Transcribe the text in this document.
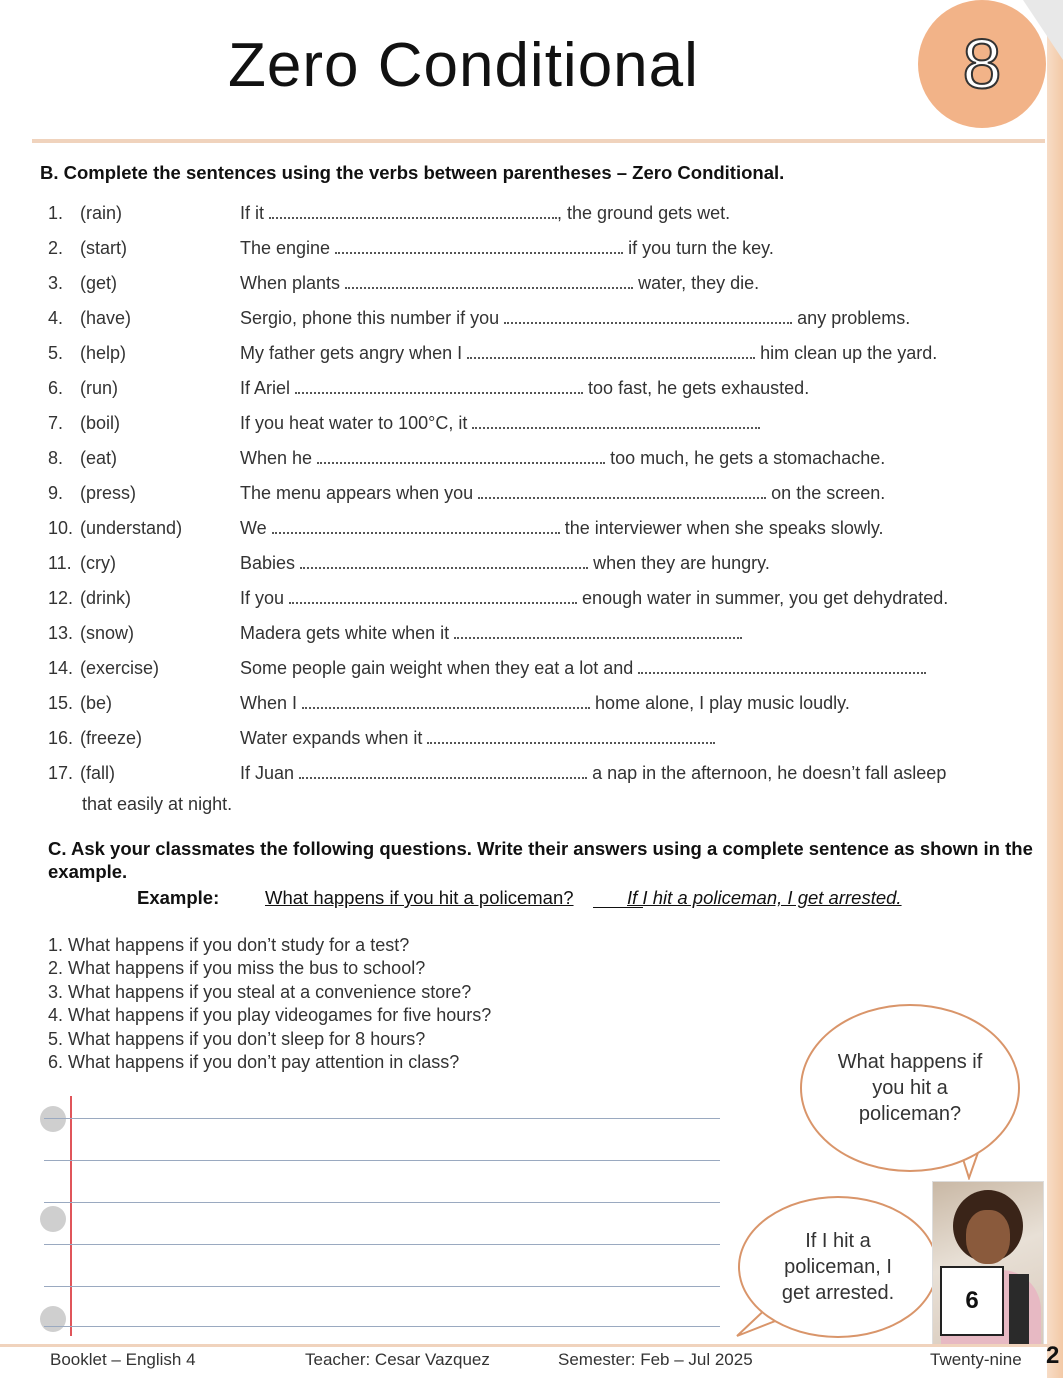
Zero Conditional	8
B. Complete the sentences using the verbs between parentheses – Zero Conditional.
1. (rain)	If it	, the ground gets wet.
2. (start)	The engine	if you turn the key.
3. (get)	When plants	water, they die.
4. (have)	Sergio, phone this number if you	any problems.
5. (help)	My father gets angry when I	him clean up the yard.
6. (run)	If Ariel	too fast, he gets exhausted.
7. (boil)	If you heat water to 100°C, it
8. (eat)	When he	too much, he gets a stomachache.
9. (press)	The menu appears when you	on the screen.
10. (understand)	We	the interviewer when she speaks slowly.
11. (cry)	Babies	when they are hungry.
12. (drink)	If you	enough water in summer, you get dehydrated.
13. (snow)	Madera gets white when it
14. (exercise)	Some people gain weight when they eat a lot and
15. (be)	When I	home alone, I play music loudly.
16. (freeze)	Water expands when it
17. (fall)	If Juan	a nap in the afternoon, he doesn’t fall asleep
that easily at night.
C. Ask your classmates the following questions. Write their answers using a complete sentence as shown in the example.
Example: What happens if you hit a policeman?	If I hit a policeman, I get arrested.
1. What happens if you don’t study for a test?
2. What happens if you miss the bus to school?
3. What happens if you steal at a convenience store?
4. What happens if you play videogames for five hours?
5. What happens if you don’t sleep for 8 hours?
6. What happens if you don’t pay attention in class?	What happens if you hit a policeman?
If I hit a policeman, I get arrested.	6
Booklet – English 4	Teacher: Cesar Vazquez	Semester: Feb – Jul 2025	Twenty-nine 2
